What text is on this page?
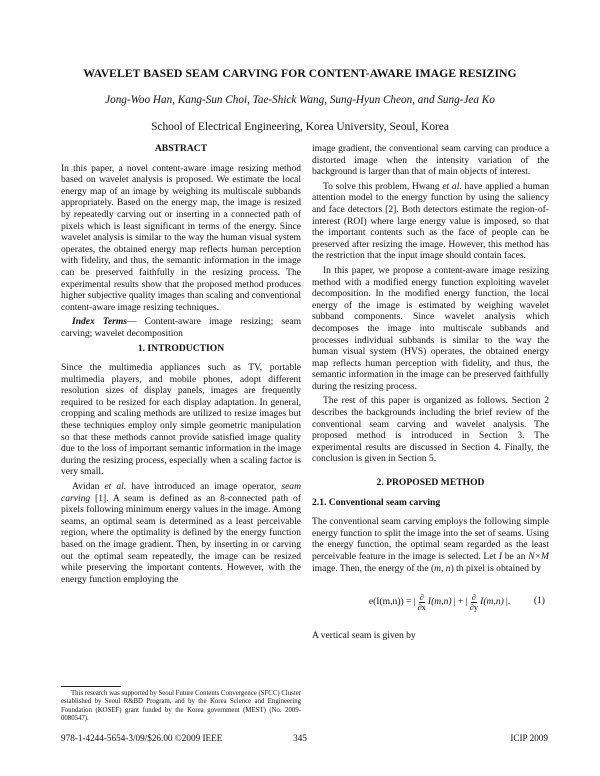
WAVELET BASED SEAM CARVING FOR CONTENT-AWARE IMAGE RESIZING
Jong-Woo Han, Kang-Sun Choi, Tae-Shick Wang, Sung-Hyun Cheon, and Sung-Jea Ko
School of Electrical Engineering, Korea University, Seoul, Korea
ABSTRACT

In this paper, a novel content-aware image resizing method based on wavelet analysis is proposed. We estimate the local energy map of an image by weighing its multiscale subbands appropriately. Based on the energy map, the image is resized by repeatedly carving out or inserting in a connected path of pixels which is least significant in terms of the energy. Since wavelet analysis is similar to the way the human visual system operates, the obtained energy map reflects human perception with fidelity, and thus, the semantic information in the image can be preserved faithfully in the resizing process. The experimental results show that the proposed method produces higher subjective quality images than scaling and conventional content-aware image resizing techniques.

Index Terms— Content-aware image resizing; seam carving; wavelet decomposition

1. INTRODUCTION

Since the multimedia appliances such as TV, portable multimedia players, and mobile phones, adopt different resolution sizes of display panels, images are frequently required to be resized for each display adaptation. In general, cropping and scaling methods are utilized to resize images but these techniques employ only simple geometric manipulation so that these methods cannot provide satisfied image quality due to the loss of important semantic information in the image during the resizing process, especially when a scaling factor is very small.

Avidan et al. have introduced an image operator, seam carving [1]. A seam is defined as an 8-connected path of pixels following minimum energy values in the image. Among seams, an optimal seam is determined as a least perceivable region, where the optimality is defined by the energy function based on the image gradient. Then, by inserting in or carving out the optimal seam repeatedly, the image can be resized while preserving the important contents. However, with the energy function employing the

image gradient, the conventional seam carving can produce a distorted image when the intensity variation of the background is larger than that of main objects of interest.

To solve this problem, Hwang et al. have applied a human attention model to the energy function by using the saliency and face detectors [2]. Both detectors estimate the region-of-interest (ROI) where large energy value is imposed, so that the important contents such as the face of people can be preserved after resizing the image. However, this method has the restriction that the input image should contain faces.

In this paper, we propose a content-aware image resizing method with a modified energy function exploiting wavelet decomposition. In the modified energy function, the local energy of the image is estimated by weighing wavelet subband components. Since wavelet analysis which decomposes the image into multiscale subbands and processes individual subbands is similar to the way the human visual system (HVS) operates, the obtained energy map reflects human perception with fidelity, and thus, the semantic information in the image can be preserved faithfully during the resizing process.

The rest of this paper is organized as follows. Section 2 describes the backgrounds including the brief review of the conventional seam carving and wavelet analysis. The proposed method is introduced in Section 3. The experimental results are discussed in Section 4. Finally, the conclusion is given in Section 5.

2. PROPOSED METHOD
2.1. Conventional seam carving

The conventional seam carving employs the following simple energy function to split the image into the set of seams. Using the energy function, the optimal seam regarded as the least perceivable feature in the image is selected. Let I be an N×M image. Then, the energy of the (m, n) th pixel is obtained by

e(I(m,n)) = | $\frac{\partial}{\partial x} I(m,n)$ | + | $\frac{\partial}{\partial y} I(m,n)$ |. (1)

A vertical seam is given by

This research was supported by Seoul Future Contents Convergence (SFCC) Cluster established by Seoul R&BD Program, and by the Korea Science and Engineering Foundation (KOSEF) grant funded by the Korea government (MEST) (No. 2009-0080547).

978-1-4244-5654-3/09/$26.00 ©2009 IEEE	345	ICIP 2009
